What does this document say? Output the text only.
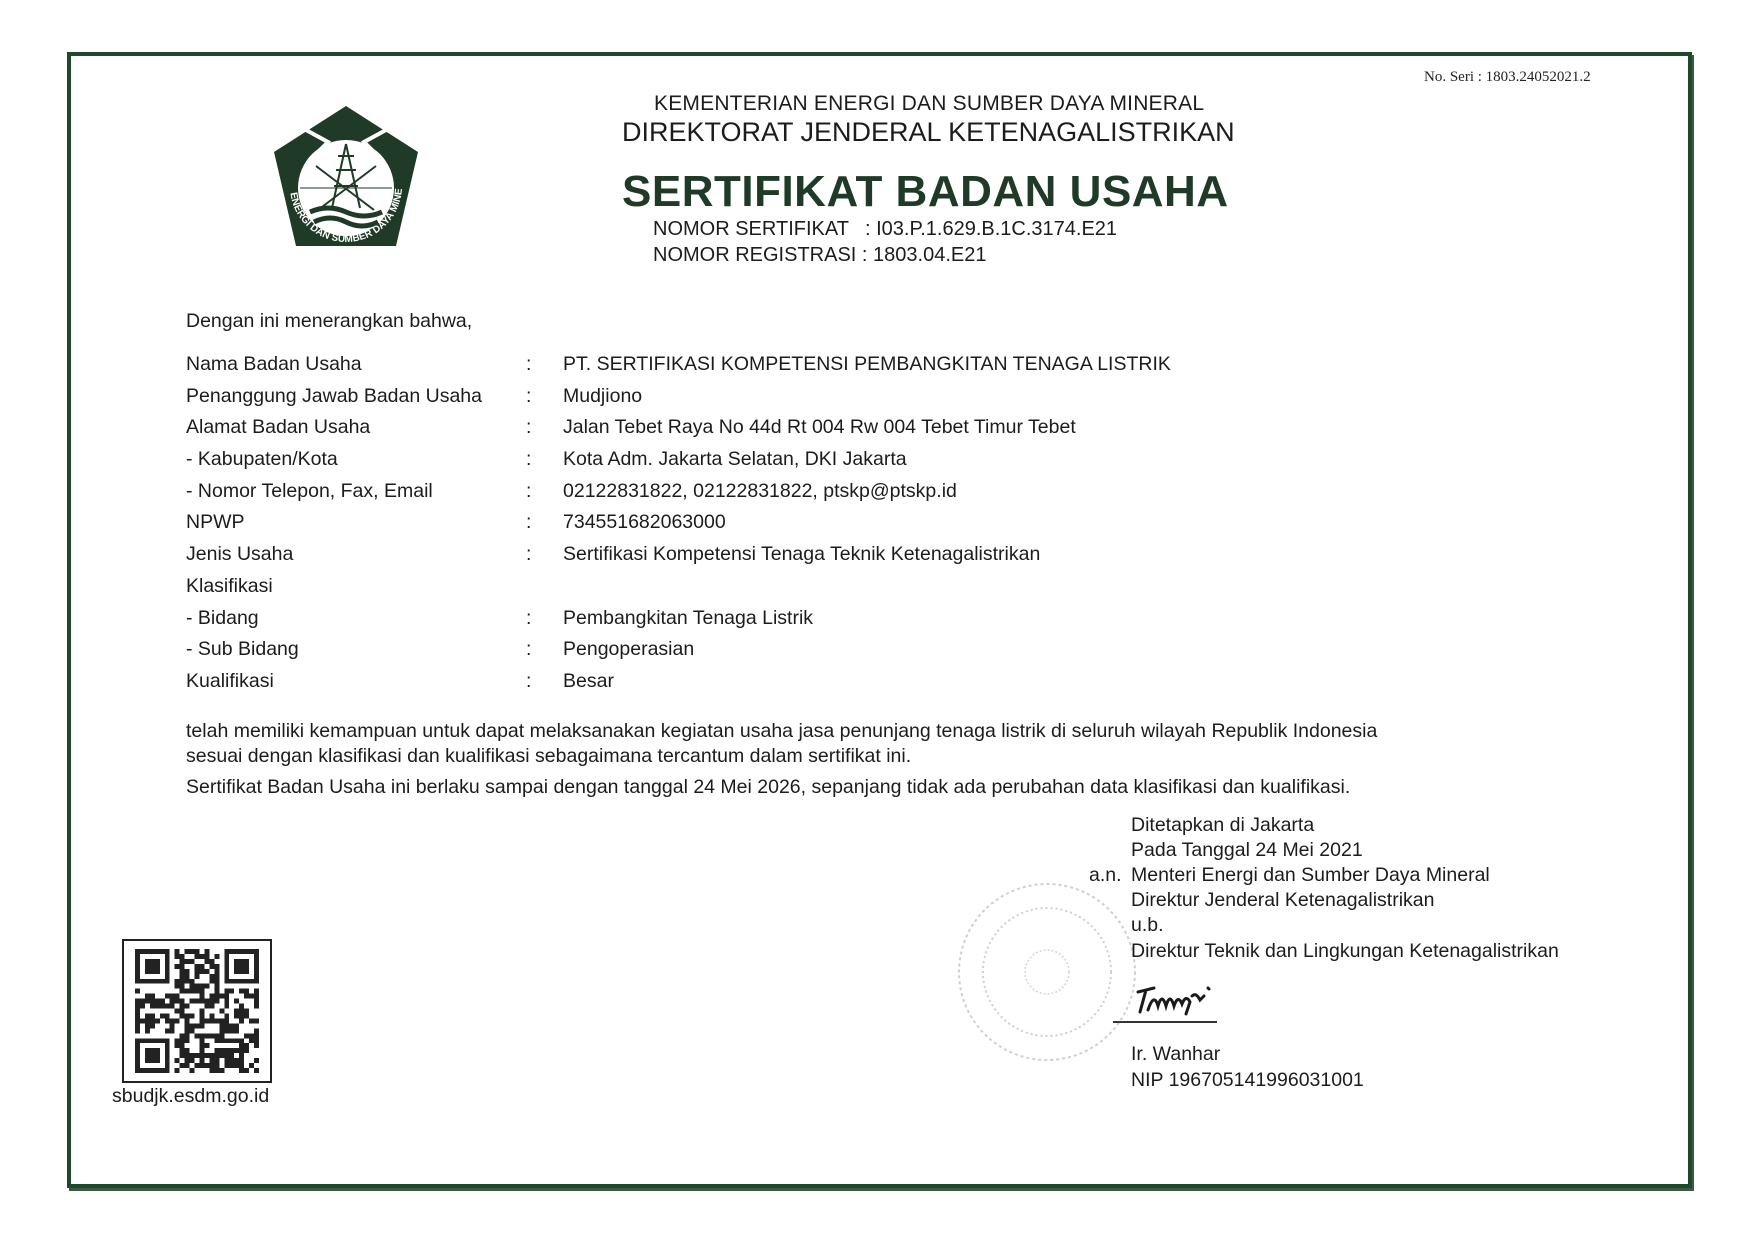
No. Seri : 1803.24052021.2
ENERGI DAN SUMBER DAYA MINE
KEMENTERIAN ENERGI DAN SUMBER DAYA MINERAL
DIREKTORAT JENDERAL KETENAGALISTRIKAN
SERTIFIKAT BADAN USAHA
NOMOR SERTIFIKAT : I03.P.1.629.B.1C.3174.E21
NOMOR REGISTRASI : 1803.04.E21
Dengan ini menerangkan bahwa,
Nama Badan Usaha	: PT. SERTIFIKASI KOMPETENSI PEMBANGKITAN TENAGA LISTRIK
Penanggung Jawab Badan Usaha : Mudjiono
Alamat Badan Usaha	: Jalan Tebet Raya No 44d Rt 004 Rw 004 Tebet Timur Tebet
- Kabupaten/Kota	: Kota Adm. Jakarta Selatan, DKI Jakarta
- Nomor Telepon, Fax, Email	: 02122831822, 02122831822, ptskp@ptskp.id
NPWP	: 734551682063000
Jenis Usaha	: Sertifikasi Kompetensi Tenaga Teknik Ketenagalistrikan
Klasifikasi
- Bidang	: Pembangkitan Tenaga Listrik
- Sub Bidang	: Pengoperasian
Kualifikasi	: Besar
telah memiliki kemampuan untuk dapat melaksanakan kegiatan usaha jasa penunjang tenaga listrik di seluruh wilayah Republik Indonesia
sesuai dengan klasifikasi dan kualifikasi sebagaimana tercantum dalam sertifikat ini.
Sertifikat Badan Usaha ini berlaku sampai dengan tanggal 24 Mei 2026, sepanjang tidak ada perubahan data klasifikasi dan kualifikasi.
Ditetapkan di Jakarta
Pada Tanggal 24 Mei 2021
a.n. Menteri Energi dan Sumber Daya Mineral
Direktur Jenderal Ketenagalistrikan
u.b.
Direktur Teknik dan Lingkungan Ketenagalistrikan
Ir. Wanhar
NIP 196705141996031001
sbudjk.esdm.go.id
